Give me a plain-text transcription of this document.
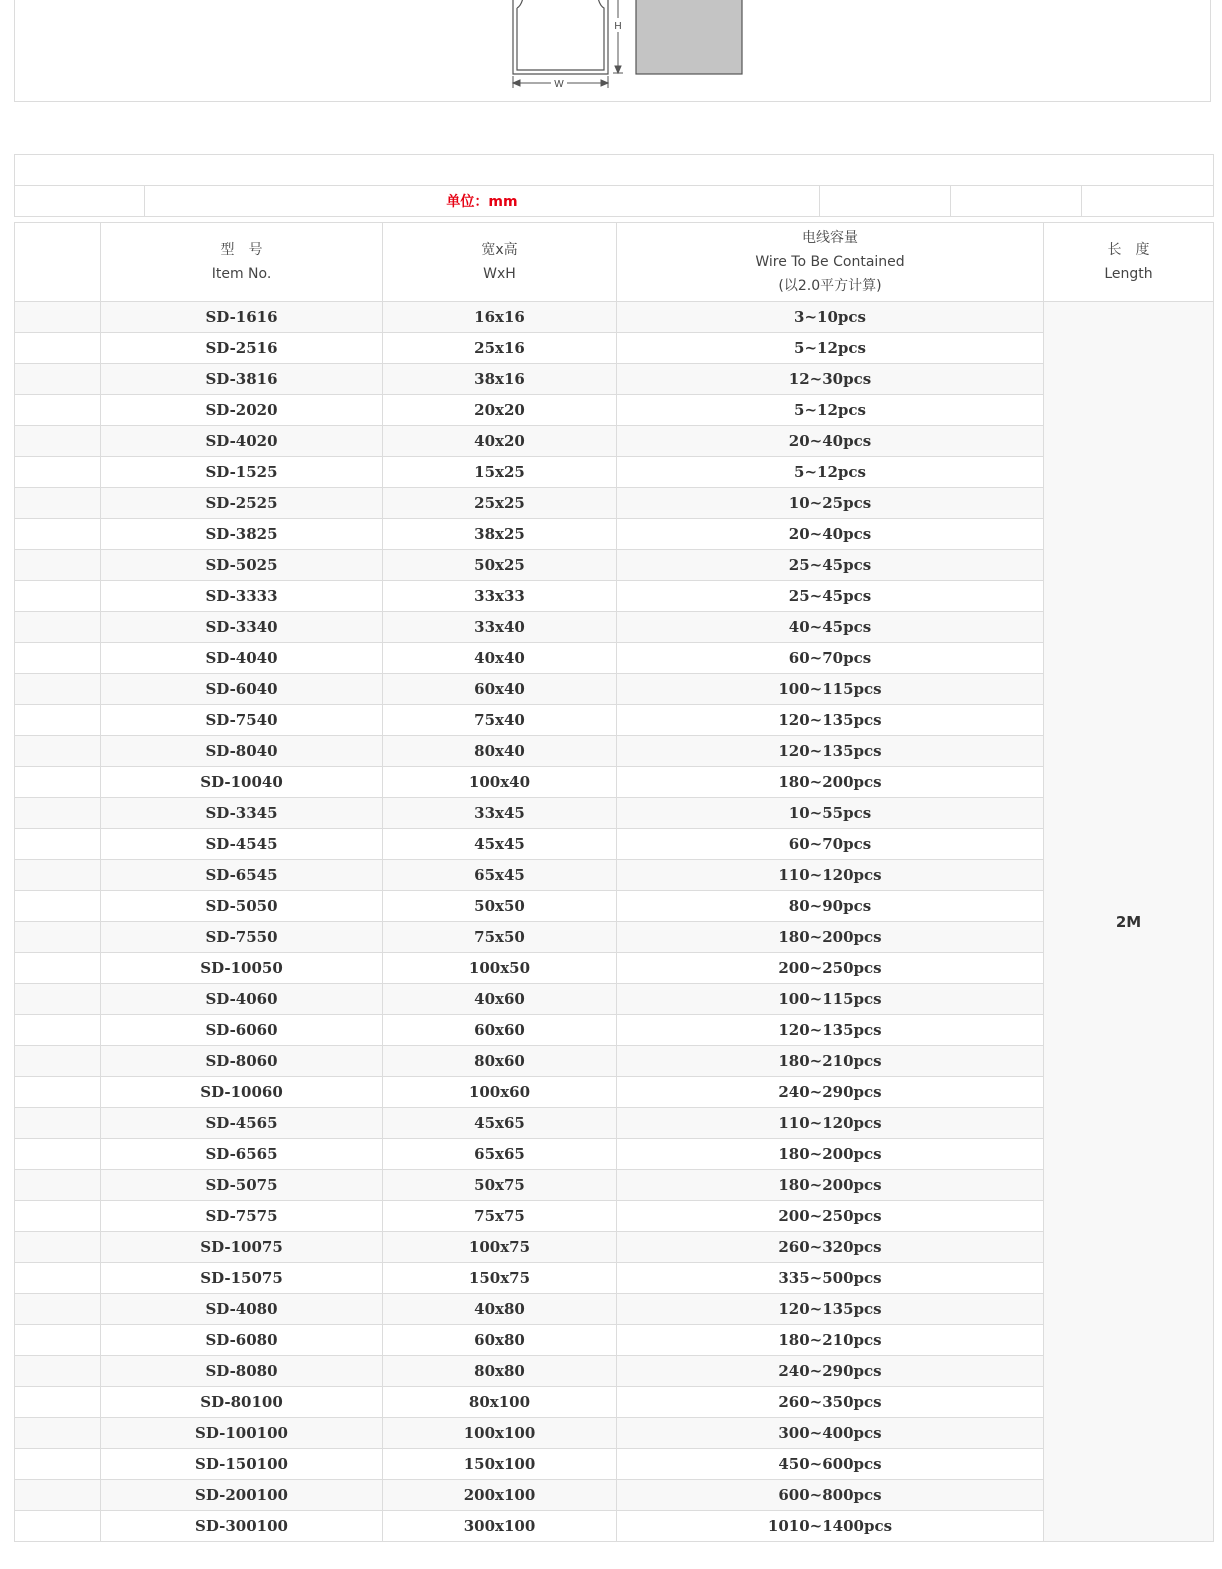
H
W

	单位：mm			

	型　号
Item No.	宽x高
WxH	电线容量
Wire To Be Contained
(以2.0平方计算)	长　度
Length

	SD-1616	16x16	3~10pcs	2M
	SD-2516	25x16	5~12pcs	
	SD-3816	38x16	12~30pcs	
	SD-2020	20x20	5~12pcs	
	SD-4020	40x20	20~40pcs	
	SD-1525	15x25	5~12pcs	
	SD-2525	25x25	10~25pcs	
	SD-3825	38x25	20~40pcs	
	SD-5025	50x25	25~45pcs	
	SD-3333	33x33	25~45pcs	
	SD-3340	33x40	40~45pcs	
	SD-4040	40x40	60~70pcs	
	SD-6040	60x40	100~115pcs	
	SD-7540	75x40	120~135pcs	
	SD-8040	80x40	120~135pcs	
	SD-10040	100x40	180~200pcs	
	SD-3345	33x45	10~55pcs	
	SD-4545	45x45	60~70pcs	
	SD-6545	65x45	110~120pcs	
	SD-5050	50x50	80~90pcs	
	SD-7550	75x50	180~200pcs	
	SD-10050	100x50	200~250pcs	
	SD-4060	40x60	100~115pcs	
	SD-6060	60x60	120~135pcs	
	SD-8060	80x60	180~210pcs	
	SD-10060	100x60	240~290pcs	
	SD-4565	45x65	110~120pcs	
	SD-6565	65x65	180~200pcs	
	SD-5075	50x75	180~200pcs	
	SD-7575	75x75	200~250pcs	
	SD-10075	100x75	260~320pcs	
	SD-15075	150x75	335~500pcs	
	SD-4080	40x80	120~135pcs	
	SD-6080	60x80	180~210pcs	
	SD-8080	80x80	240~290pcs	
	SD-80100	80x100	260~350pcs	
	SD-100100	100x100	300~400pcs	
	SD-150100	150x100	450~600pcs	
	SD-200100	200x100	600~800pcs	
	SD-300100	300x100	1010~1400pcs	
